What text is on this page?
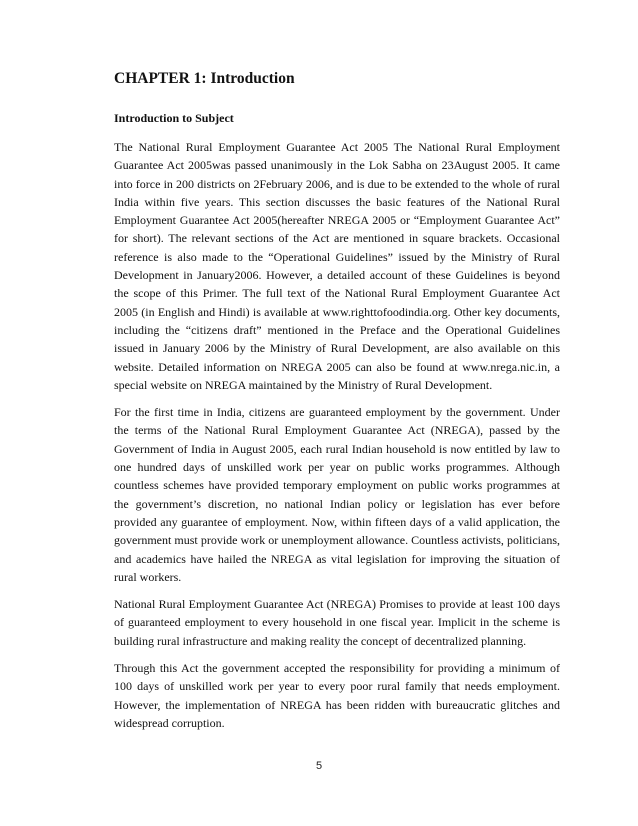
CHAPTER 1: Introduction
Introduction to Subject

The National Rural Employment Guarantee Act 2005 The National Rural Employment Guarantee Act 2005was passed unanimously in the Lok Sabha on 23August 2005. It came into force in 200 districts on 2February 2006, and is due to be extended to the whole of rural India within five years. This section discusses the basic features of the National Rural Employment Guarantee Act 2005(hereafter NREGA 2005 or “Employment Guarantee Act” for short). The relevant sections of the Act are mentioned in square brackets. Occasional reference is also made to the “Operational Guidelines” issued by the Ministry of Rural Development in January2006. However, a detailed account of these Guidelines is beyond the scope of this Primer. The full text of the National Rural Employment Guarantee Act 2005 (in English and Hindi) is available at www.righttofoodindia.org. Other key documents, including the “citizens draft” mentioned in the Preface and the Operational Guidelines issued in January 2006 by the Ministry of Rural Development, are also available on this website. Detailed information on NREGA 2005 can also be found at www.nrega.nic.in, a special website on NREGA maintained by the Ministry of Rural Development.

For the first time in India, citizens are guaranteed employment by the government. Under the terms of the National Rural Employment Guarantee Act (NREGA), passed by the Government of India in August 2005, each rural Indian household is now entitled by law to one hundred days of unskilled work per year on public works programmes. Although countless schemes have provided temporary employment on public works programmes at the government’s discretion, no national Indian policy or legislation has ever before provided any guarantee of employment. Now, within fifteen days of a valid application, the government must provide work or unemployment allowance. Countless activists, politicians, and academics have hailed the NREGA as vital legislation for improving the situation of rural workers.

National Rural Employment Guarantee Act (NREGA) Promises to provide at least 100 days of guaranteed employment to every household in one fiscal year. Implicit in the scheme is building rural infrastructure and making reality the concept of decentralized planning.

Through this Act the government accepted the responsibility for providing a minimum of 100 days of unskilled work per year to every poor rural family that needs employment. However, the implementation of NREGA has been ridden with bureaucratic glitches and widespread corruption.

5
